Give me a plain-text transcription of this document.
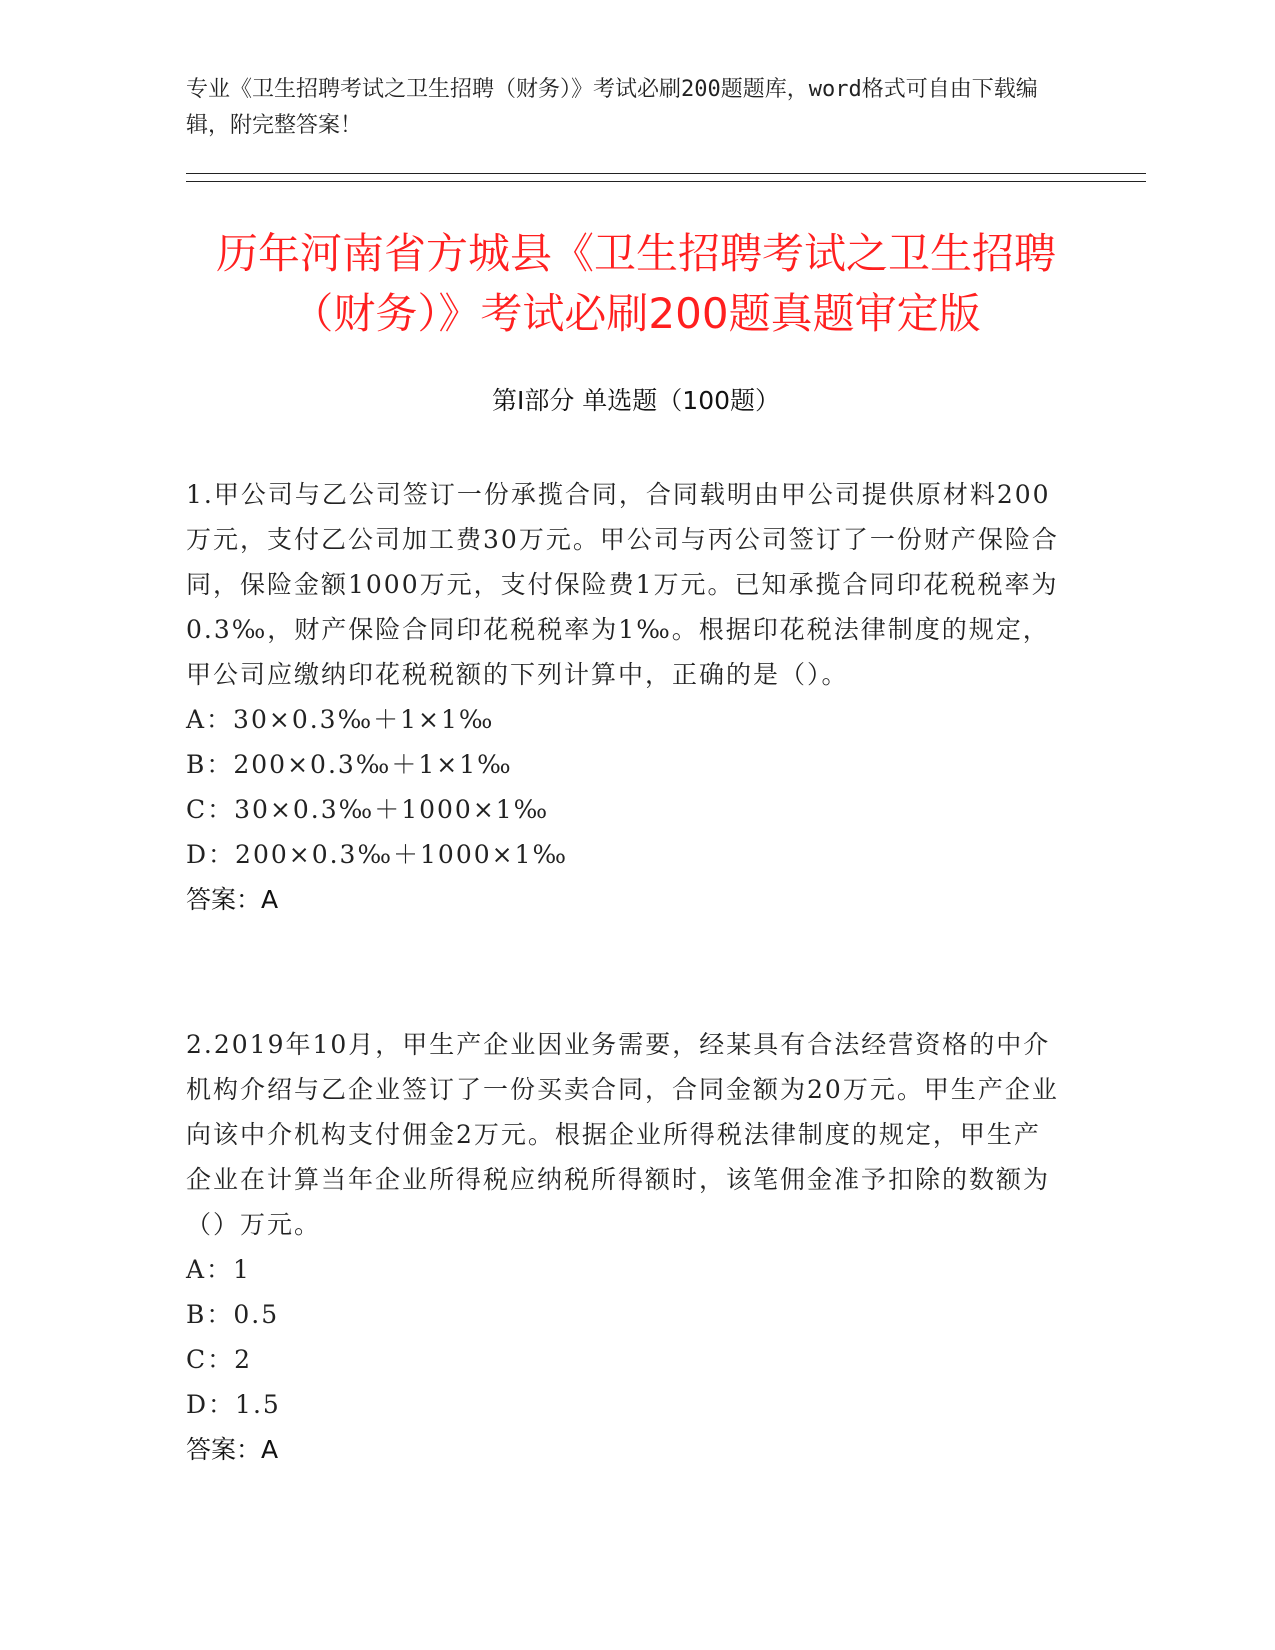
专业《卫生招聘考试之卫生招聘（财务）》考试必刷200题题库，word格式可自由下载编辑，附完整答案！
历年河南省方城县《卫生招聘考试之卫生招聘（财务）》考试必刷200题真题审定版
第Ⅰ部分 单选题（100题）

1.甲公司与乙公司签订一份承揽合同，合同载明由甲公司提供原材料200万元，支付乙公司加工费30万元。甲公司与丙公司签订了一份财产保险合同，保险金额1000万元，支付保险费1万元。已知承揽合同印花税税率为0.3‰，财产保险合同印花税税率为1‰。根据印花税法律制度的规定，甲公司应缴纳印花税税额的下列计算中，正确的是（）。

A：30×0.3‰＋1×1‰
B：200×0.3‰＋1×1‰
C：30×0.3‰＋1000×1‰
D：200×0.3‰＋1000×1‰
答案：A

2.2019年10月，甲生产企业因业务需要，经某具有合法经营资格的中介机构介绍与乙企业签订了一份买卖合同，合同金额为20万元。甲生产企业向该中介机构支付佣金2万元。根据企业所得税法律制度的规定，甲生产企业在计算当年企业所得税应纳税所得额时，该笔佣金准予扣除的数额为（）万元。

A：1
B：0.5
C：2
D：1.5
答案：A
